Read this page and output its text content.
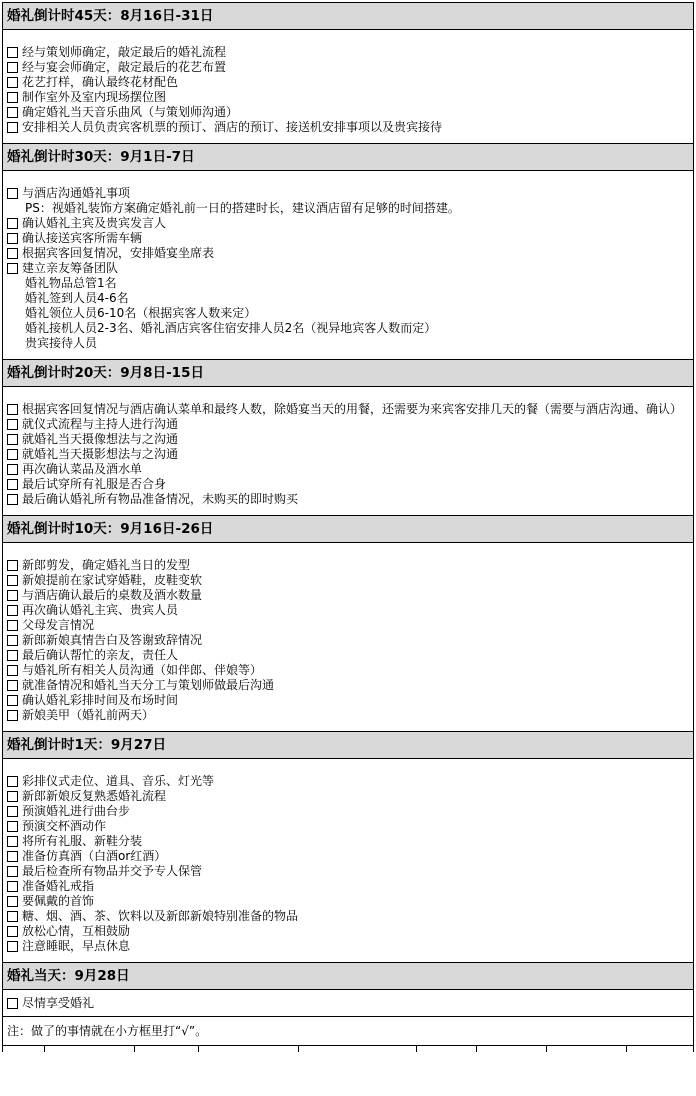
婚礼倒计时45天：8月16日-31日
经与策划师确定，敲定最后的婚礼流程
经与宴会师确定，敲定最后的花艺布置
花艺打样，确认最终花材配色
制作室外及室内现场摆位图
确定婚礼当天音乐曲风（与策划师沟通）
安排相关人员负责宾客机票的预订、酒店的预订、接送机安排事项以及贵宾接待
婚礼倒计时30天：9月1日-7日
与酒店沟通婚礼事项
PS：视婚礼装饰方案确定婚礼前一日的搭建时长，建议酒店留有足够的时间搭建。
确认婚礼主宾及贵宾发言人
确认接送宾客所需车辆
根据宾客回复情况，安排婚宴坐席表
建立亲友筹备团队
婚礼物品总管1名
婚礼签到人员4-6名
婚礼领位人员6-10名（根据宾客人数来定）
婚礼接机人员2-3名、婚礼酒店宾客住宿安排人员2名（视异地宾客人数而定）
贵宾接待人员
婚礼倒计时20天：9月8日-15日
根据宾客回复情况与酒店确认菜单和最终人数，除婚宴当天的用餐，还需要为来宾客安排几天的餐（需要与酒店沟通、确认）
就仪式流程与主持人进行沟通
就婚礼当天摄像想法与之沟通
就婚礼当天摄影想法与之沟通
再次确认菜品及酒水单
最后试穿所有礼服是否合身
最后确认婚礼所有物品准备情况，未购买的即时购买
婚礼倒计时10天：9月16日-26日
新郎剪发，确定婚礼当日的发型
新娘提前在家试穿婚鞋，皮鞋变软
与酒店确认最后的桌数及酒水数量
再次确认婚礼主宾、贵宾人员
父母发言情况
新郎新娘真情告白及答谢致辞情况
最后确认帮忙的亲友，责任人
与婚礼所有相关人员沟通（如伴郎、伴娘等）
就准备情况和婚礼当天分工与策划师做最后沟通
确认婚礼彩排时间及布场时间
新娘美甲（婚礼前两天）
婚礼倒计时1天：9月27日
彩排仪式走位、道具、音乐、灯光等
新郎新娘反复熟悉婚礼流程
预演婚礼进行曲台步
预演交杯酒动作
将所有礼服、新鞋分装
准备仿真酒（白酒or红酒）
最后检查所有物品并交予专人保管
准备婚礼戒指
要佩戴的首饰
糖、烟、酒、茶、饮料以及新郎新娘特别准备的物品
放松心情，互相鼓励
注意睡眠，早点休息
婚礼当天：9月28日
尽情享受婚礼
注：做了的事情就在小方框里打“√”。
